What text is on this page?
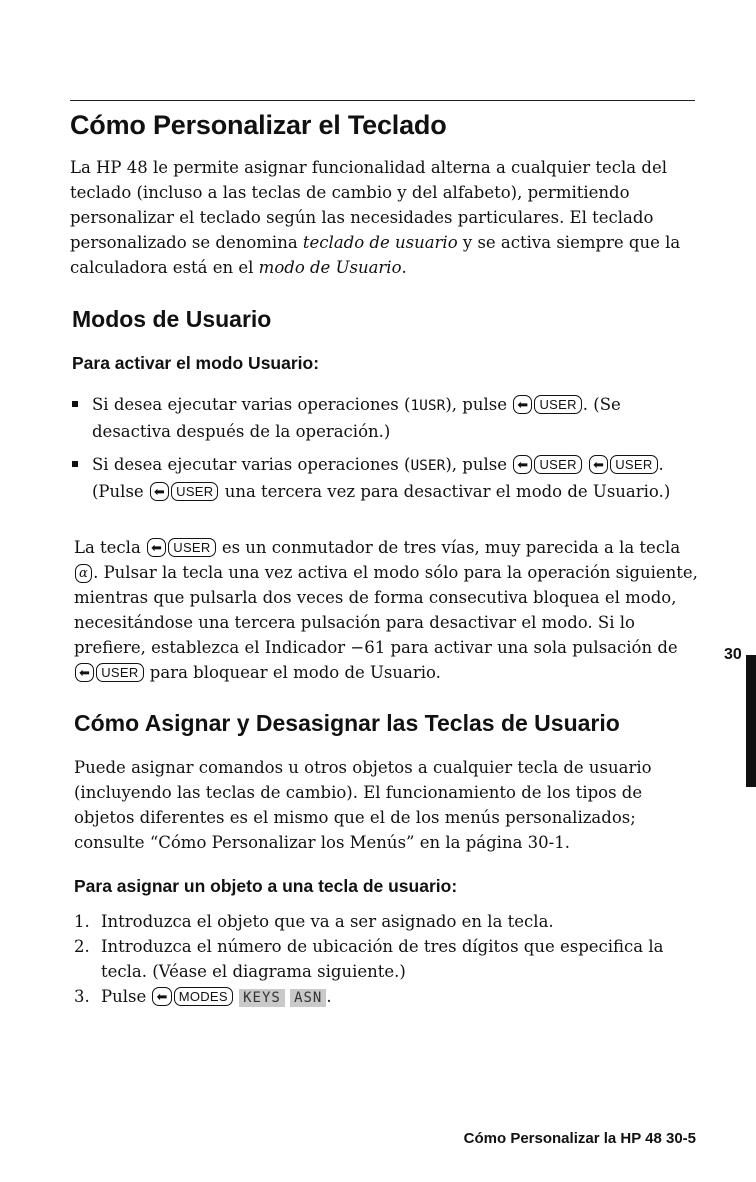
Cómo Personalizar el Teclado

La HP 48 le permite asignar funcionalidad alterna a cualquier tecla del teclado (incluso a las teclas de cambio y del alfabeto), permitiendo personalizar el teclado según las necesidades particulares. El teclado personalizado se denomina teclado de usuario y se activa siempre que la calculadora está en el modo de Usuario.

Modos de Usuario
Para activar el modo Usuario:
Si desea ejecutar varias operaciones (1USR), pulse ⬅ USER . (Se desactiva después de la operación.)
Si desea ejecutar varias operaciones (USER), pulse ⬅ USER ⬅ USER . (Pulse ⬅ USER una tercera vez para desactivar el modo de Usuario.)

La tecla ⬅ USER es un conmutador de tres vías, muy parecida a la tecla α . Pulsar la tecla una vez activa el modo sólo para la operación siguiente, mientras que pulsarla dos veces de forma consecutiva bloquea el modo, necesitándose una tercera pulsación para desactivar el modo. Si lo prefiere, establezca el Indicador −61 para activar una sola pulsación de ⬅ USER para bloquear el modo de Usuario.

Cómo Asignar y Desasignar las Teclas de Usuario

Puede asignar comandos u otros objetos a cualquier tecla de usuario (incluyendo las teclas de cambio). El funcionamiento de los tipos de objetos diferentes es el mismo que el de los menús personalizados; consulte “Cómo Personalizar los Menús” en la página 30-1.

Para asignar un objeto a una tecla de usuario:
1. Introduzca el objeto que va a ser asignado en la tecla.
2. Introduzca el número de ubicación de tres dígitos que especifica la tecla. (Véase el diagrama siguiente.)
3. Pulse ⬅ MODES KEYS ASN .
30
Cómo Personalizar la HP 48 30-5
